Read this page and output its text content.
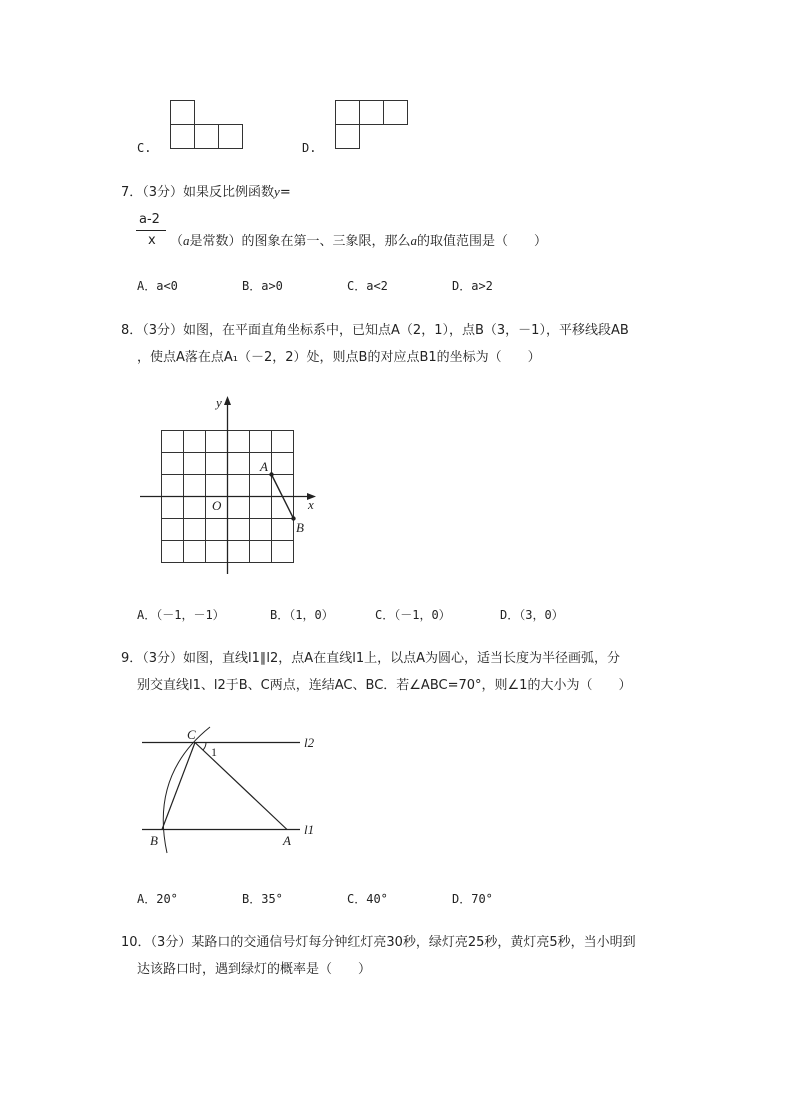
C.	D.
7．（3分）如果反比例函数y=
a-2
x （a是常数）的图象在第一、三象限，那么a的取值范围是（　　）
A．a<0	B．a>0	C．a<2	D．a>2
8．（3分）如图，在平面直角坐标系中，已知点A（2，1），点B（3，－1），平移线段AB
，使点A落在点A₁（－2，2）处，则点B的对应点B1的坐标为（　　）
y
x
O
A
B
A．（－1，－1）	B．（1，0）	C．（－1，0）	D．（3，0）
9．（3分）如图，直线l1∥l2，点A在直线l1上，以点A为圆心，适当长度为半径画弧，分
别交直线l1、l2于B、C两点，连结AC、BC．若∠ABC=70°，则∠1的大小为（　　）
C
1
l2
B	A
l1
A．20°	B．35°	C．40°	D．70°
10．（3分）某路口的交通信号灯每分钟红灯亮30秒，绿灯亮25秒，黄灯亮5秒，当小明到
达该路口时，遇到绿灯的概率是（　　）
